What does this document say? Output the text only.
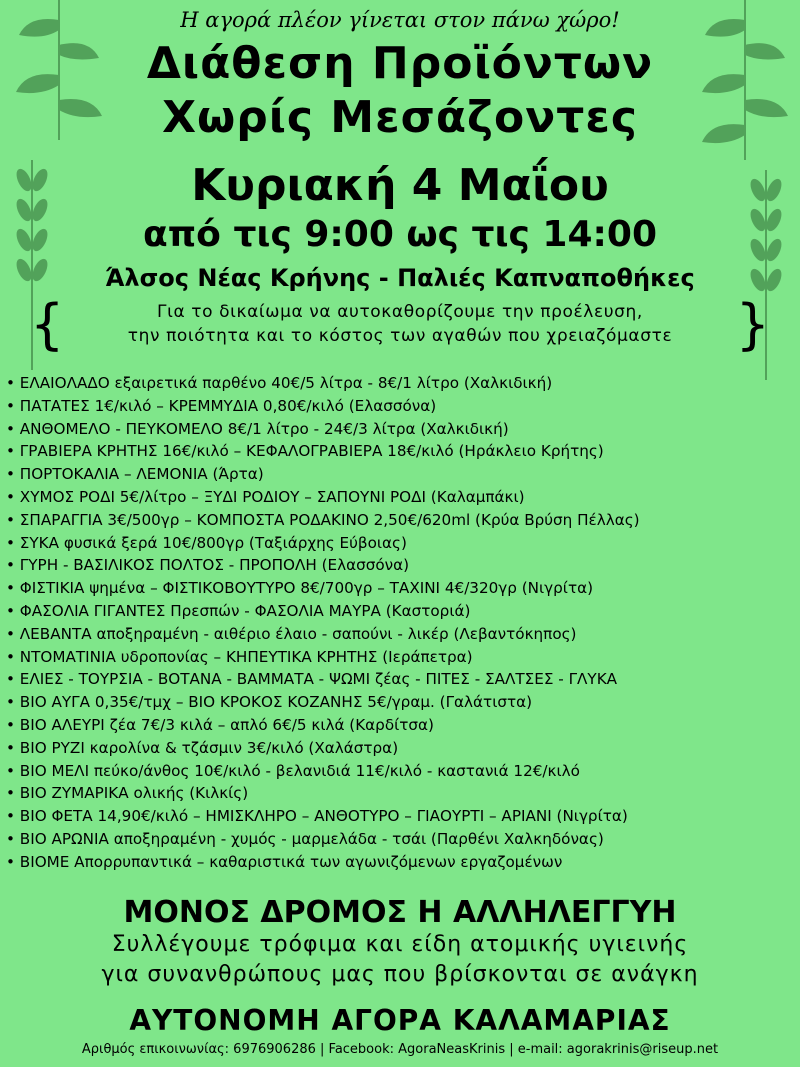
Η αγορά πλέον γίνεται στον πάνω χώρο!
Διάθεση Προϊόντων
Χωρίς Μεσάζοντες
Κυριακή 4 Μαΐου
από τις 9:00 ως τις 14:00
Άλσος Νέας Κρήνης - Παλιές Καπναποθήκες
{	Για το δικαίωμα να αυτοκαθορίζουμε την προέλευση,
την ποιότητα και το κόστος των αγαθών που χρειαζόμαστε	}
• ΕΛΑΙΟΛΑΔΟ εξαιρετικά παρθένο 40€/5 λίτρα - 8€/1 λίτρο (Χαλκιδική)
• ΠΑΤΑΤΕΣ 1€/κιλό – ΚΡΕΜΜΥΔΙΑ 0,80€/κιλό (Ελασσόνα)
• ΑΝΘΟΜΕΛΟ - ΠΕΥΚΟΜΕΛΟ 8€/1 λίτρο - 24€/3 λίτρα (Χαλκιδική)
• ΓΡΑΒΙΕΡΑ ΚΡΗΤΗΣ 16€/κιλό – ΚΕΦΑΛΟΓΡΑΒΙΕΡΑ 18€/κιλό (Ηράκλειο Κρήτης)
• ΠΟΡΤΟΚΑΛΙΑ – ΛΕΜΟΝΙΑ (Άρτα)
• ΧΥΜΟΣ ΡΟΔΙ 5€/λίτρο – ΞΥΔΙ ΡΟΔΙΟΥ – ΣΑΠΟΥΝΙ ΡΟΔΙ (Καλαμπάκι)
• ΣΠΑΡΑΓΓΙΑ 3€/500γρ – ΚΟΜΠΟΣΤΑ ΡΟΔΑΚΙΝΟ 2,50€/620ml (Κρύα Βρύση Πέλλας)
• ΣΥΚΑ φυσικά ξερά 10€/800γρ (Ταξιάρχης Εύβοιας)
• ΓΥΡΗ - ΒΑΣΙΛΙΚΟΣ ΠΟΛΤΟΣ - ΠΡΟΠΟΛΗ (Ελασσόνα)
• ΦΙΣΤΙΚΙΑ ψημένα – ΦΙΣΤΙΚΟΒΟΥΤΥΡΟ 8€/700γρ – ΤΑΧΙΝΙ 4€/320γρ (Νιγρίτα)
• ΦΑΣΟΛΙΑ ΓΙΓΑΝΤΕΣ Πρεσπών - ΦΑΣΟΛΙΑ ΜΑΥΡΑ (Καστοριά)
• ΛΕΒΑΝΤΑ αποξηραμένη - αιθέριο έλαιο - σαπούνι - λικέρ (Λεβαντόκηπος)
• ΝΤΟΜΑΤΙΝΙΑ υδροπονίας – ΚΗΠΕΥΤΙΚΑ ΚΡΗΤΗΣ (Ιεράπετρα)
• ΕΛΙΕΣ - ΤΟΥΡΣΙΑ - ΒΟΤΑΝΑ - ΒΑΜΜΑΤΑ - ΨΩΜΙ ζέας - ΠΙΤΕΣ - ΣΑΛΤΣΕΣ - ΓΛΥΚΑ
• ΒΙΟ ΑΥΓΑ 0,35€/τμχ – ΒΙΟ ΚΡΟΚΟΣ ΚΟΖΑΝΗΣ 5€/γραμ. (Γαλάτιστα)
• ΒΙΟ ΑΛΕΥΡΙ ζέα 7€/3 κιλά – απλό 6€/5 κιλά (Καρδίτσα)
• ΒΙΟ ΡΥΖΙ καρολίνα & τζάσμιν 3€/κιλό (Χαλάστρα)
• ΒΙΟ ΜΕΛΙ πεύκο/άνθος 10€/κιλό - βελανιδιά 11€/κιλό - καστανιά 12€/κιλό
• ΒΙΟ ΖΥΜΑΡΙΚΑ ολικής (Κιλκίς)
• ΒΙΟ ΦΕΤΑ 14,90€/κιλό – ΗΜΙΣΚΛΗΡΟ – ΑΝΘΟΤΥΡΟ – ΓΙΑΟΥΡΤΙ – ΑΡΙΑΝΙ (Νιγρίτα)
• ΒΙΟ ΑΡΩΝΙΑ αποξηραμένη - χυμός - μαρμελάδα - τσάι (Παρθένι Χαλκηδόνας)
• ΒΙΟΜΕ Απορρυπαντικά – καθαριστικά των αγωνιζόμενων εργαζομένων
ΜΟΝΟΣ ΔΡΟΜΟΣ Η ΑΛΛΗΛΕΓΓΥΗ
Συλλέγουμε τρόφιμα και είδη ατομικής υγιεινής
για συνανθρώπους μας που βρίσκονται σε ανάγκη
ΑΥΤΟΝΟΜΗ ΑΓΟΡΑ ΚΑΛΑΜΑΡΙΑΣ
Αριθμός επικοινωνίας: 6976906286 | Facebook: AgoraNeasKrinis | e-mail: agorakrinis@riseup.net
